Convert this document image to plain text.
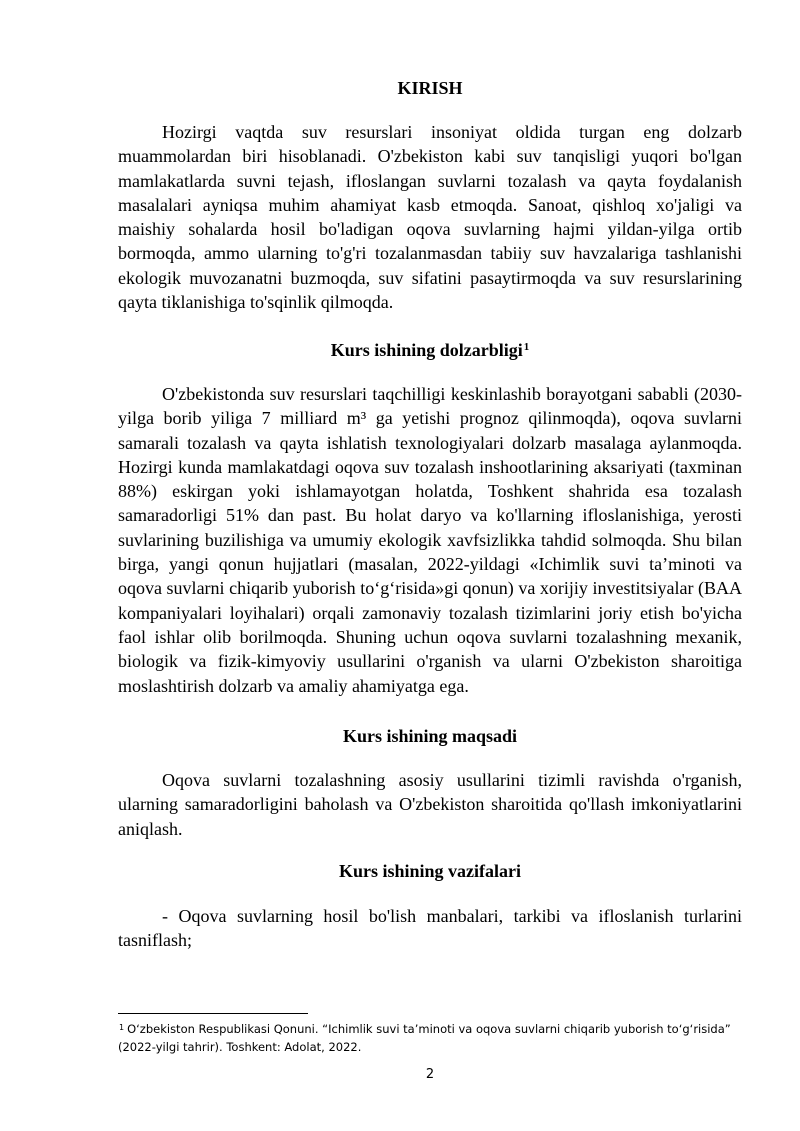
KIRISH

Hozirgi vaqtda suv resurslari insoniyat oldida turgan eng dolzarb muammolardan biri hisoblanadi. O'zbekiston kabi suv tanqisligi yuqori bo'lgan mamlakatlarda suvni tejash, ifloslangan suvlarni tozalash va qayta foydalanish masalalari ayniqsa muhim ahamiyat kasb etmoqda. Sanoat, qishloq xo'jaligi va maishiy sohalarda hosil bo'ladigan oqova suvlarning hajmi yildan-yilga ortib bormoqda, ammo ularning to'g'ri tozalanmasdan tabiiy suv havzalariga tashlanishi ekologik muvozanatni buzmoqda, suv sifatini pasaytirmoqda va suv resurslarining qayta tiklanishiga to'sqinlik qilmoqda.

Kurs ishining dolzarbligi$^1$

O'zbekistonda suv resurslari taqchilligi keskinlashib borayotgani sababli (2030-yilga borib yiliga 7 milliard m³ ga yetishi prognoz qilinmoqda), oqova suvlarni samarali tozalash va qayta ishlatish texnologiyalari dolzarb masalaga aylanmoqda. Hozirgi kunda mamlakatdagi oqova suv tozalash inshootlarining aksariyati (taxminan 88%) eskirgan yoki ishlamayotgan holatda, Toshkent shahrida esa tozalash samaradorligi 51% dan past. Bu holat daryo va ko'llarning ifloslanishiga, yerosti suvlarining buzilishiga va umumiy ekologik xavfsizlikka tahdid solmoqda. Shu bilan birga, yangi qonun hujjatlari (masalan, 2022-yildagi «Ichimlik suvi ta’minoti va oqova suvlarni chiqarib yuborish to‘g‘risida»gi qonun) va xorijiy investitsiyalar (BAA kompaniyalari loyihalari) orqali zamonaviy tozalash tizimlarini joriy etish bo'yicha faol ishlar olib borilmoqda. Shuning uchun oqova suvlarni tozalashning mexanik, biologik va fizik-kimyoviy usullarini o'rganish va ularni O'zbekiston sharoitiga moslashtirish dolzarb va amaliy ahamiyatga ega.

Kurs ishining maqsadi

Oqova suvlarni tozalashning asosiy usullarini tizimli ravishda o'rganish, ularning samaradorligini baholash va O'zbekiston sharoitida qo'llash imkoniyatlarini aniqlash.

Kurs ishining vazifalari

- Oqova suvlarning hosil bo'lish manbalari, tarkibi va ifloslanish turlarini tasniflash;

$^1$ O‘zbekiston Respublikasi Qonuni. “Ichimlik suvi ta’minoti va oqova suvlarni chiqarib yuborish to‘g‘risida” (2022-yilgi tahrir). Toshkent: Adolat, 2022.

2
